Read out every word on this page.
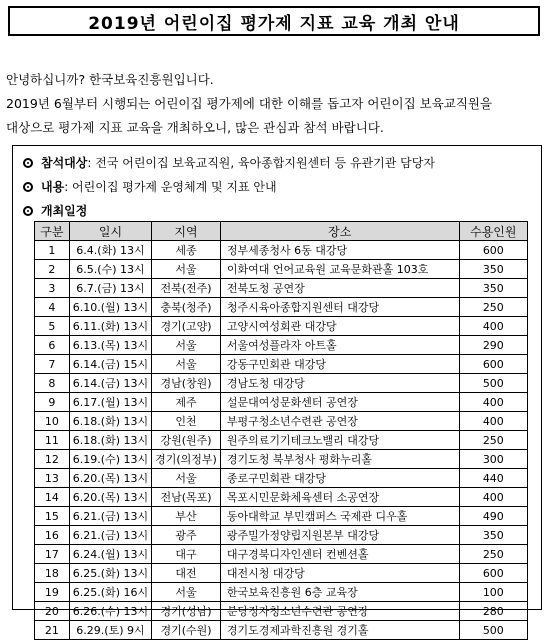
2019년 어린이집 평가제 지표 교육 개최 안내
안녕하십니까? 한국보육진흥원입니다.
2019년 6월부터 시행되는 어린이집 평가제에 대한 이해를 돕고자 어린이집 보육교직원을
대상으로 평가제 지표 교육을 개최하오니, 많은 관심과 참석 바랍니다.
참석대상 : 전국 어린이집 보육교직원, 육아종합지원센터 등 유관기관 담당자
내용 : 어린이집 평가제 운영체계 및 지표 안내
개최일정
구분	일시	지역	장소	수용인원
1	6.4.(화) 13시	세종	정부세종청사 6동 대강당	600
2	6.5.(수) 13시	서울	이화여대 언어교육원 교육문화관홀 103호	350
3	6.7.(금) 13시	전북(전주)	전북도청 공연장	350
4	6.10.(월) 13시	충북(청주)	청주시육아종합지원센터 대강당	250
5	6.11.(화) 13시	경기(고양)	고양시여성회관 대강당	400
6	6.13.(목) 13시	서울	서울여성플라자 아트홀	290
7	6.14.(금) 15시	서울	강동구민회관 대강당	600
8	6.14.(금) 13시	경남(창원)	경남도청 대강당	500
9	6.17.(월) 13시	제주	설문대여성문화센터 공연장	400
10	6.18.(화) 13시	인천	부평구청소년수련관 공연장	400
11	6.18.(화) 13시	강원(원주)	원주의료기기테크노밸리 대강당	250
12	6.19.(수) 13시	경기(의정부)	경기도청 북부청사 평화누리홀	300
13	6.20.(목) 13시	서울	종로구민회관 대강당	440
14	6.20.(목) 13시	전남(목포)	목포시민문화체육센터 소공연장	400
15	6.21.(금) 13시	부산	동아대학교 부민캠퍼스 국제관 디우홀	490
16	6.21.(금) 13시	광주	광주밀가정양립지원본부 대강당	350
17	6.24.(월) 13시	대구	대구경북디자인센터 컨벤션홀	250
18	6.25.(화) 13시	대전	대전시청 대강당	600
19	6.25.(화) 16시	서울	한국보육진흥원 6층 교육장	100
20	6.26.(수) 13시	경기(성남)	분당정자청소년수련관 공연장	280
21	6.29.(토) 9시	경기(수원)	경기도경제과학진흥원 경기홀	500
